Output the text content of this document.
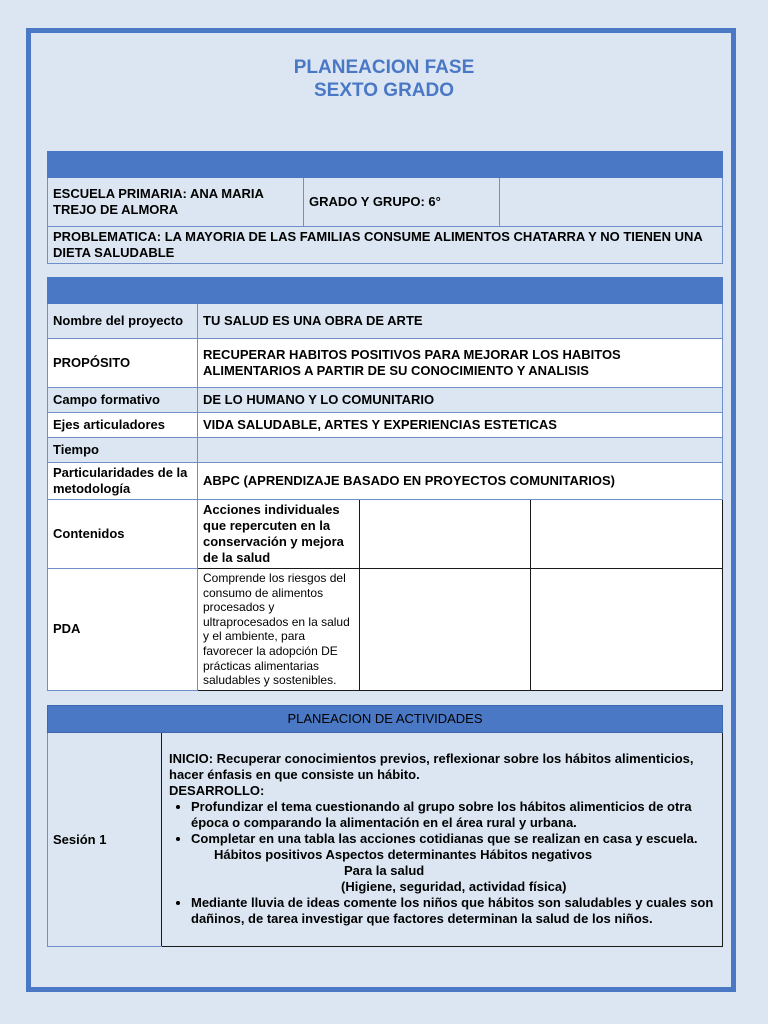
PLANEACION FASE
SEXTO GRADO

ESCUELA PRIMARIA: ANA MARIA TREJO DE ALMORA	GRADO Y GRUPO: 6°	
PROBLEMATICA: LA MAYORIA DE LAS FAMILIAS CONSUME ALIMENTOS CHATARRA Y NO TIENEN UNA DIETA SALUDABLE

Nombre del proyecto	TU SALUD ES UNA OBRA DE ARTE		
PROPÓSITO	RECUPERAR HABITOS POSITIVOS PARA MEJORAR LOS HABITOS ALIMENTARIOS A PARTIR DE SU CONOCIMIENTO Y ANALISIS		
Campo formativo	DE LO HUMANO Y LO COMUNITARIO		
Ejes articuladores	VIDA SALUDABLE, ARTES Y EXPERIENCIAS ESTETICAS		
Tiempo			
Particularidades de la metodología	ABPC (APRENDIZAJE BASADO EN PROYECTOS COMUNITARIOS)		
Contenidos	Acciones individuales que repercuten en la conservación y mejora de la salud		
PDA	Comprende los riesgos del consumo de alimentos procesados y ultraprocesados en la salud y el ambiente, para favorecer la adopción DE prácticas alimentarias saludables y sostenibles.		
PLANEACION DE ACTIVIDADES
Sesión 1	
INICIO: Recuperar conocimientos previos, reflexionar sobre los hábitos alimenticios, hacer énfasis en que consiste un hábito.
DESARROLLO:
• Profundizar el tema cuestionando al grupo sobre los hábitos alimenticios de otra época o comparando la alimentación en el área rural y urbana.
• Completar en una tabla las acciones cotidianas que se realizan en casa y escuela.
Hábitos positivos Aspectos determinantes Hábitos negativos
Para la salud
(Higiene, seguridad, actividad física)
• Mediante lluvia de ideas comente los niños que hábitos son saludables y cuales son dañinos, de tarea investigar que factores determinan la salud de los niños.
